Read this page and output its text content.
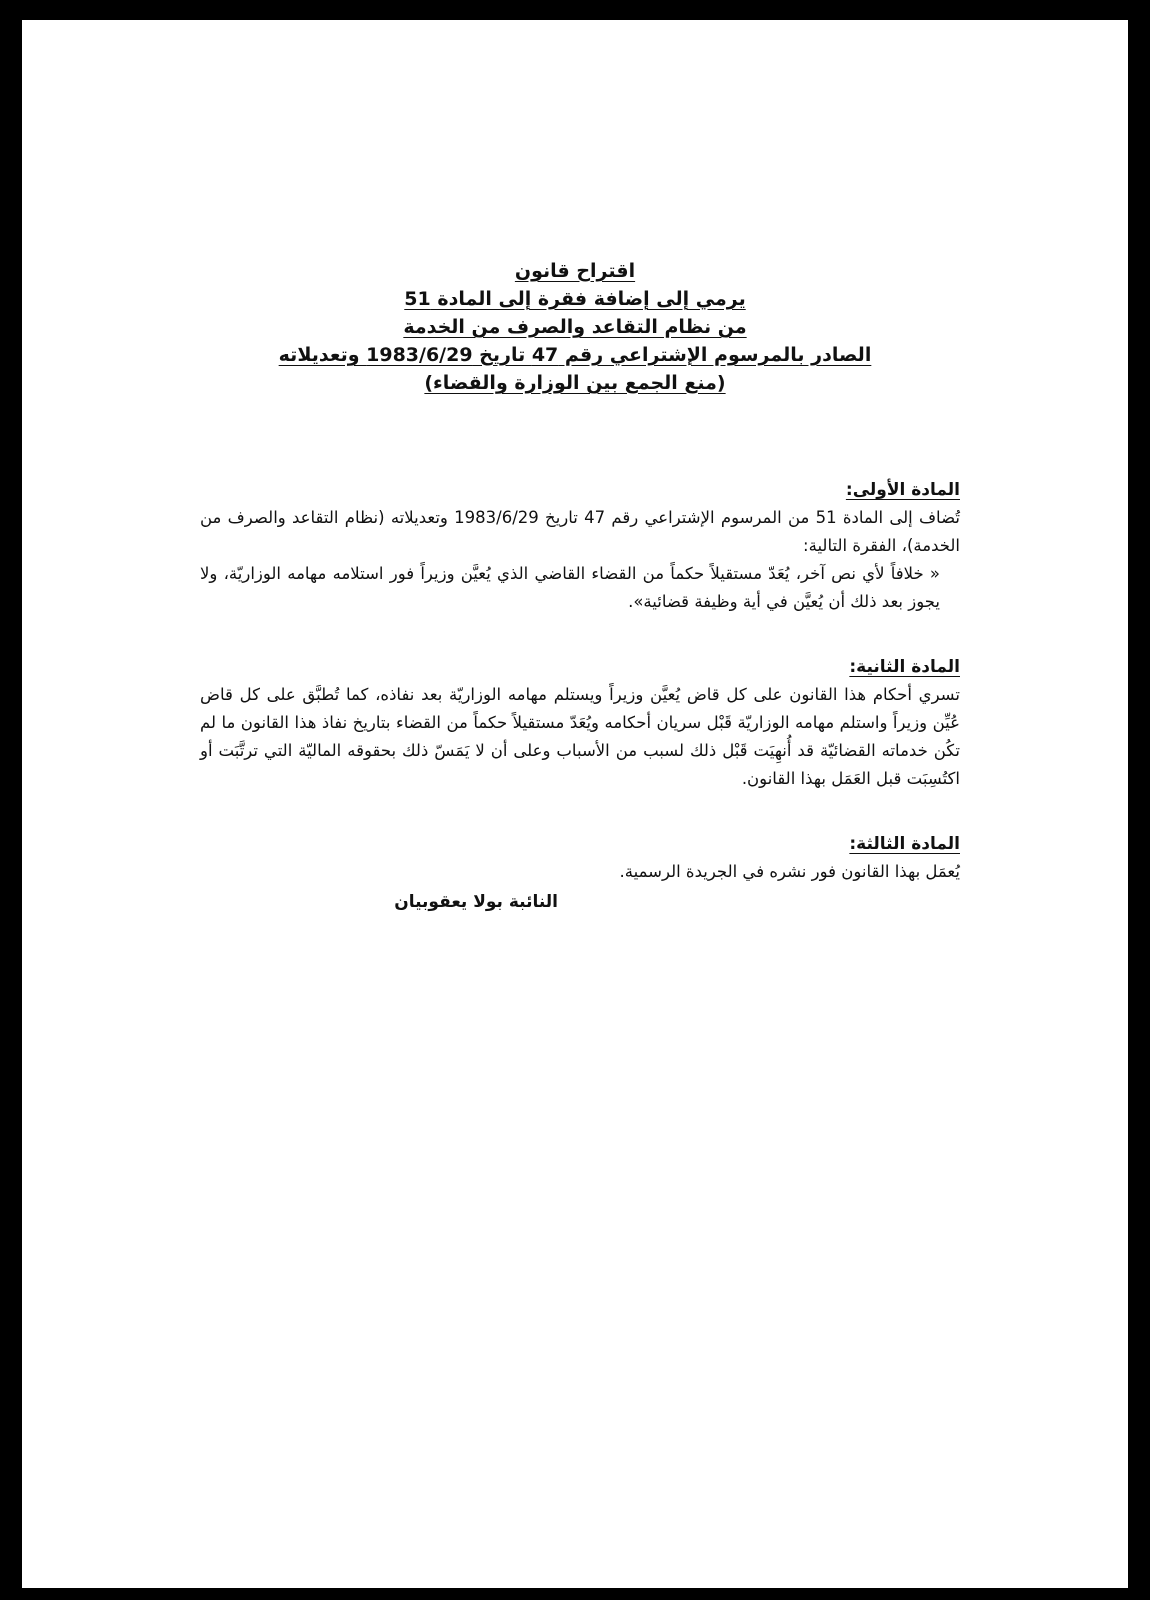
اقتراح قانون
يرمي إلى إضافة فقرة إلى المادة 51
من نظام التقاعد والصرف من الخدمة
الصادر بالمرسوم الإشتراعي رقم 47 تاريخ 1983/6/29 وتعديلاته
(منع الجمع بين الوزارة والقضاء)
المادة الأولى:
تُضاف إلى المادة 51 من المرسوم الإشتراعي رقم 47 تاريخ 1983/6/29 وتعديلاته (نظام التقاعد والصرف من الخدمة)، الفقرة التالية:
« خلافاً لأي نص آخر، يُعَدّ مستقيلاً حكماً من القضاء القاضي الذي يُعيَّن وزيراً فور استلامه مهامه الوزاريّة، ولا يجوز بعد ذلك أن يُعيَّن في أية وظيفة قضائية».
المادة الثانية:
تسري أحكام هذا القانون على كل قاض يُعيَّن وزيراً ويستلم مهامه الوزاريّة بعد نفاذه، كما تُطبَّق على كل قاض عُيِّن وزيراً واستلم مهامه الوزاريّة قَبْل سريان أحكامه ويُعَدّ مستقيلاً حكماً من القضاء بتاريخ نفاذ هذا القانون ما لم تكُن خدماته القضائيّة قد أُنهِيَت قَبْل ذلك لسبب من الأسباب وعلى أن لا يَمَسّ ذلك بحقوقه الماليّة التي ترتَّبَت أو اكتُسِبَت قبل العَمَل بهذا القانون.
المادة الثالثة:
يُعمَل بهذا القانون فور نشره في الجريدة الرسمية.
النائبة بولا يعقوبيان
